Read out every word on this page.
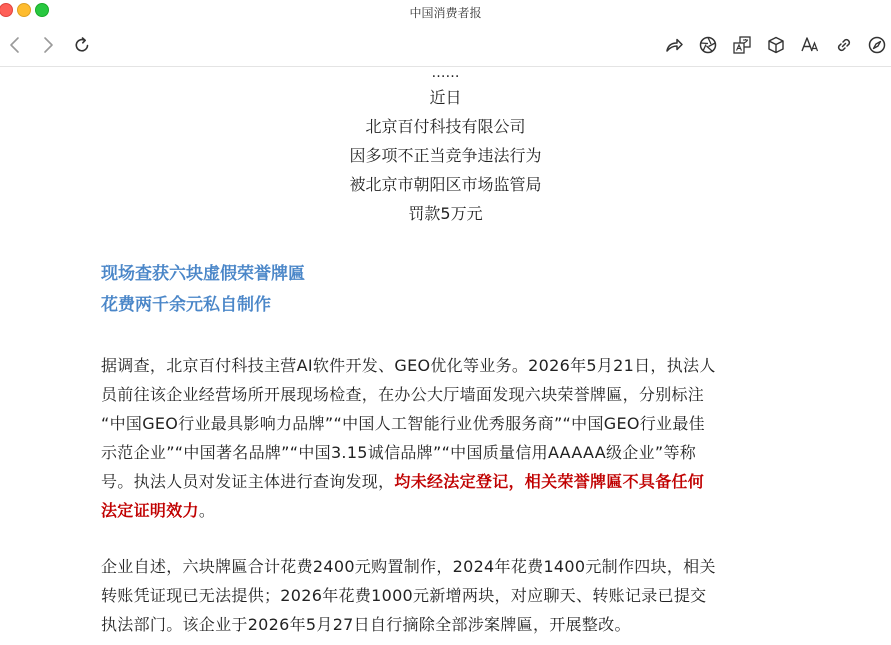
中国消费者报
……
近日
北京百付科技有限公司
因多项不正当竞争违法行为
被北京市朝阳区市场监管局
罚款5万元
现场查获六块虚假荣誉牌匾
花费两千余元私自制作
据调查，北京百付科技主营AI软件开发、GEO优化等业务。2026年5月21日，执法人
员前往该企业经营场所开展现场检查，在办公大厅墙面发现六块荣誉牌匾，分别标注
“中国GEO行业最具影响力品牌”“中国人工智能行业优秀服务商”“中国GEO行业最佳
示范企业”“中国著名品牌”“中国3.15诚信品牌”“中国质量信用AAAAA级企业”等称
号。执法人员对发证主体进行查询发现，均未经法定登记，相关荣誉牌匾不具备任何
法定证明效力。
企业自述，六块牌匾合计花费2400元购置制作，2024年花费1400元制作四块，相关
转账凭证现已无法提供；2026年花费1000元新增两块，对应聊天、转账记录已提交
执法部门。该企业于2026年5月27日自行摘除全部涉案牌匾，开展整改。
